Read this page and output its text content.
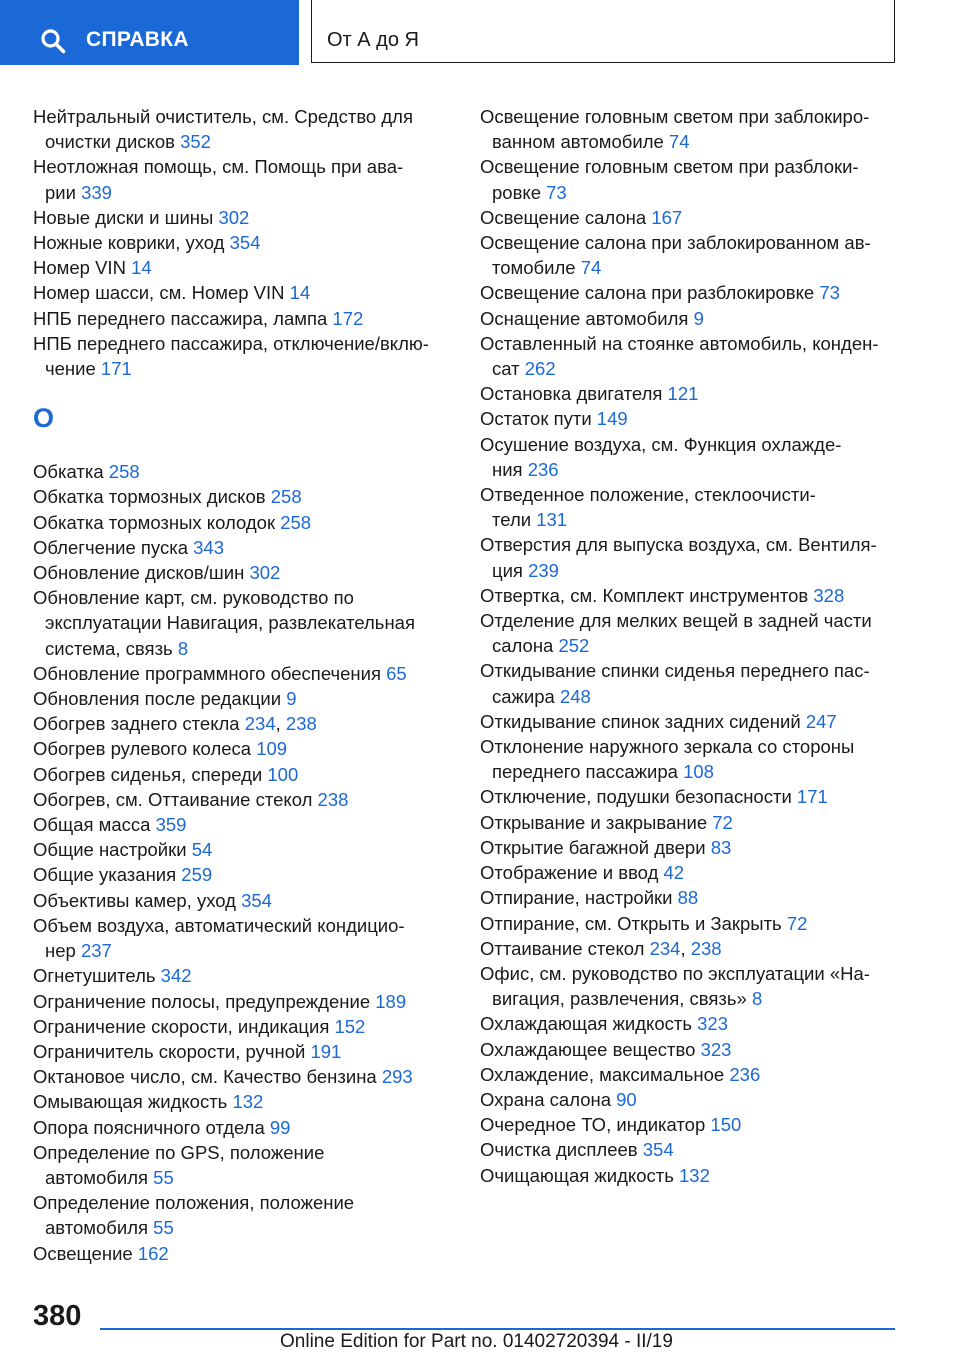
СПРАВКА	От А до Я
Нейтральный очиститель, см. Средство для
очистки дисков 352
Неотложная помощь, см. Помощь при ава-
рии 339
Новые диски и шины 302
Ножные коврики, уход 354
Номер VIN 14
Номер шасси, см. Номер VIN 14
НПБ переднего пассажира, лампа 172
НПБ переднего пассажира, отключение/вклю-
чение 171
О
Обкатка 258
Обкатка тормозных дисков 258
Обкатка тормозных колодок 258
Облегчение пуска 343
Обновление дисков/шин 302
Обновление карт, см. руководство по
эксплуатации Навигация, развлекательная
система, связь 8
Обновление программного обеспечения 65
Обновления после редакции 9
Обогрев заднего стекла 234, 238
Обогрев рулевого колеса 109
Обогрев сиденья, спереди 100
Обогрев, см. Оттаивание стекол 238
Общая масса 359
Общие настройки 54
Общие указания 259
Объективы камер, уход 354
Объем воздуха, автоматический кондицио-
нер 237
Огнетушитель 342
Ограничение полосы, предупреждение 189
Ограничение скорости, индикация 152
Ограничитель скорости, ручной 191
Октановое число, см. Качество бензина 293
Омывающая жидкость 132
Опора поясничного отдела 99
Определение по GPS, положение
автомобиля 55
Определение положения, положение
автомобиля 55
Освещение 162
Освещение головным светом при заблокиро-
ванном автомобиле 74
Освещение головным светом при разблоки-
ровке 73
Освещение салона 167
Освещение салона при заблокированном ав-
томобиле 74
Освещение салона при разблокировке 73
Оснащение автомобиля 9
Оставленный на стоянке автомобиль, конден-
сат 262
Остановка двигателя 121
Остаток пути 149
Осушение воздуха, см. Функция охлажде-
ния 236
Отведенное положение, стеклоочисти-
тели 131
Отверстия для выпуска воздуха, см. Вентиля-
ция 239
Отвертка, см. Комплект инструментов 328
Отделение для мелких вещей в задней части
салона 252
Откидывание спинки сиденья переднего пас-
сажира 248
Откидывание спинок задних сидений 247
Отклонение наружного зеркала со стороны
переднего пассажира 108
Отключение, подушки безопасности 171
Открывание и закрывание 72
Открытие багажной двери 83
Отображение и ввод 42
Отпирание, настройки 88
Отпирание, см. Открыть и Закрыть 72
Оттаивание стекол 234, 238
Офис, см. руководство по эксплуатации «На-
вигация, развлечения, связь» 8
Охлаждающая жидкость 323
Охлаждающее вещество 323
Охлаждение, максимальное 236
Охрана салона 90
Очередное ТО, индикатор 150
Очистка дисплеев 354
Очищающая жидкость 132
380
Online Edition for Part no. 01402720394 - II/19
